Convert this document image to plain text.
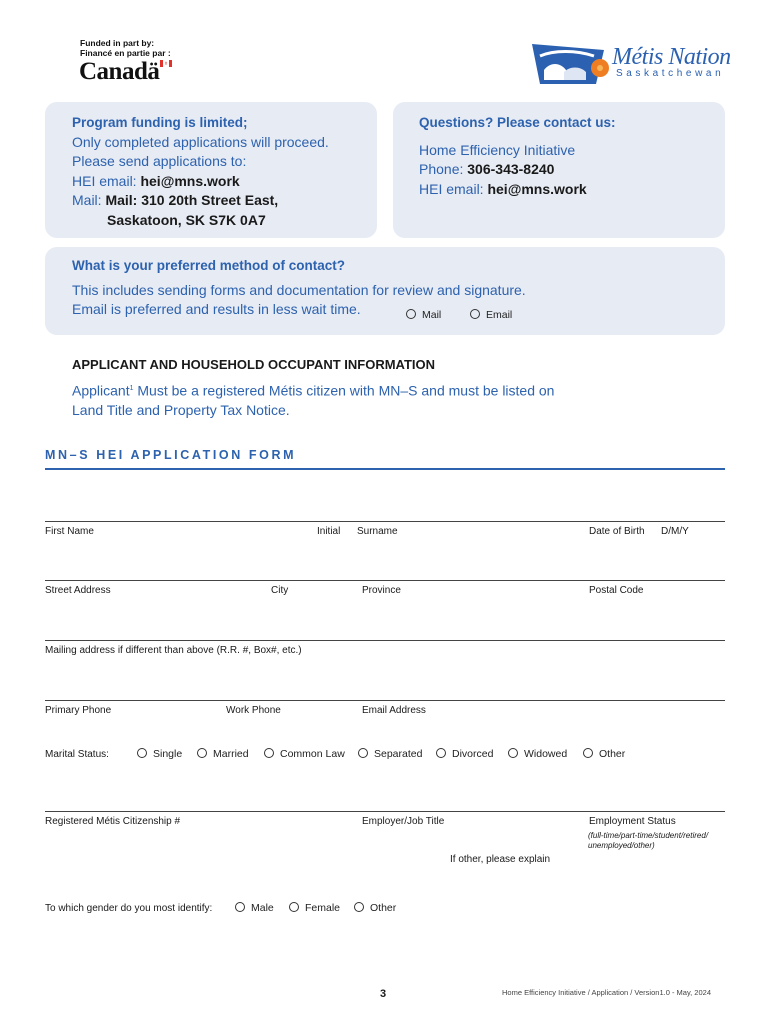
Funded in part by:
Financé en partie par :
Canadä
Métis Nation
Saskatchewan
Program funding is limited;
Only completed applications will proceed.
Please send applications to:
HEI email: hei@mns.work
Mail: Mail: 310 20th Street East,
Saskatoon, SK S7K 0A7
Questions? Please contact us:
Home Efficiency Initiative
Phone: 306-343-8240
HEI email: hei@mns.work
What is your preferred method of contact?
This includes sending forms and documentation for review and signature.
Email is preferred and results in less wait time.	Mail	Email
APPLICANT AND HOUSEHOLD OCCUPANT INFORMATION
Applicant$^1$ Must be a registered Métis citizen with MN–S and must be listed on
Land Title and Property Tax Notice.
MN–S HEI APPLICATION FORM
First Name	Initial Surname	Date of Birth D/M/Y
Street Address	City	Province	Postal Code
Mailing address if different than above (R.R. #, Box#, etc.)
Primary Phone	Work Phone	Email Address
Marital Status:	Single	Married	Common Law	Separated	Divorced	Widowed	Other
Registered Métis Citizenship #	Employer/Job Title	Employment Status
(full-time/part-time/student/retired/
unemployed/other)
If other, please explain
To which gender do you most identify:	Male	Female	Other
3	Home Efficiency Initiative / Application / Version1.0 - May, 2024
